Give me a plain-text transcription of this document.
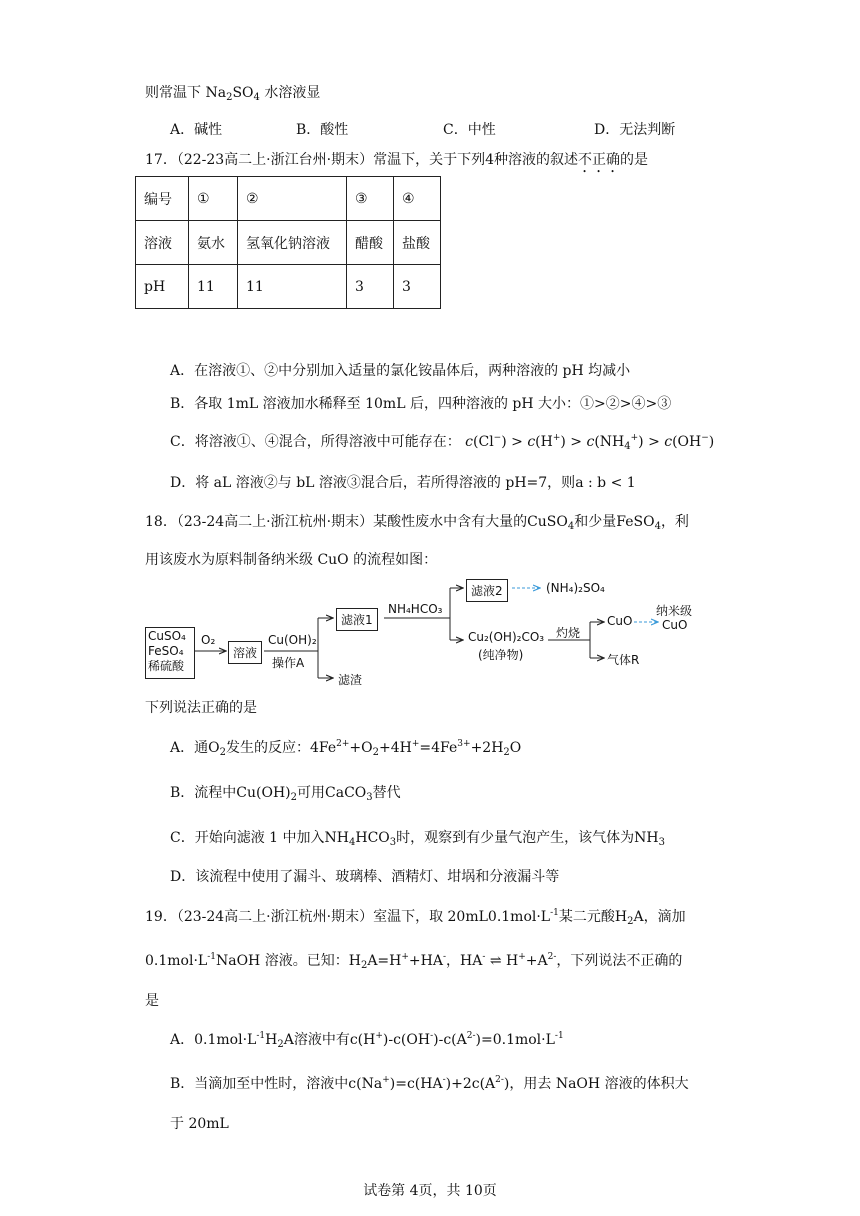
则常温下 $Na_2SO_4$ 水溶液显
A．碱性	B．酸性	C．中性	D．无法判断
17．（22-23高二上·浙江台州·期末）常温下，关于下列4种溶液的叙述不正确的是
编号	①	②	③	④
溶液	氨水	氢氧化钠溶液	醋酸	盐酸
pH	11	11	3	3
A．在溶液①、②中分别加入适量的氯化铵晶体后，两种溶液的 pH 均减小
B．各取 1mL 溶液加水稀释至 10mL 后，四种溶液的 pH 大小：①>②>④>③
C．将溶液①、④混合，所得溶液中可能存在： $c(Cl^-) > c(H^+) > c(NH_4^+) > c(OH^-)$
D．将 aL 溶液②与 bL 溶液③混合后，若所得溶液的 pH=7，则a : b < 1
18．（23-24高二上·浙江杭州·期末）某酸性废水中含有大量的CuSO$_4$和少量FeSO$_4$，利
用该废水为原料制备纳米级 CuO 的流程如图：
CuSO₄
FeSO₄
稀硫酸
O₂
溶液
Cu(OH)₂
操作A
滤液1
滤渣
NH₄HCO₃
滤液2	(NH₄)₂SO₄
Cu₂(OH)₂CO₃
(纯净物)
灼烧
CuO
纳米级
CuO
气体R
下列说法正确的是
A．通$O_2$发生的反应：$4Fe^{2+}+O_2+4H^+=4Fe^{3+}+2H_2O$
B．流程中$Cu(OH)_2$可用CaCO$_3$替代
C．开始向滤液 1 中加入$NH_4HCO_3$时，观察到有少量气泡产生，该气体为$NH_3$
D．该流程中使用了漏斗、玻璃棒、酒精灯、坩埚和分液漏斗等
19．（23-24高二上·浙江杭州·期末）室温下，取 $20mL0.1mol\cdot L^{-1}$某二元酸$H_2A$，滴加
$0.1mol\cdot L^{-1}NaOH$ 溶液。已知：$H_2A=H^++HA^-$，HA- ⇌ $H^++A^{2-}$，下列说法不正确的
是
A．$0.1mol\cdot L^{-1}H_2A$溶液中有$c(H^+)-c(OH^-)-c(A^{2-})=0.1mol\cdot L^{-1}$
B．当滴加至中性时，溶液中$c(Na^+)=c(HA^-)+2c(A^{2-})$，用去 NaOH 溶液的体积大
于 20mL
试卷第 4页，共 10页
